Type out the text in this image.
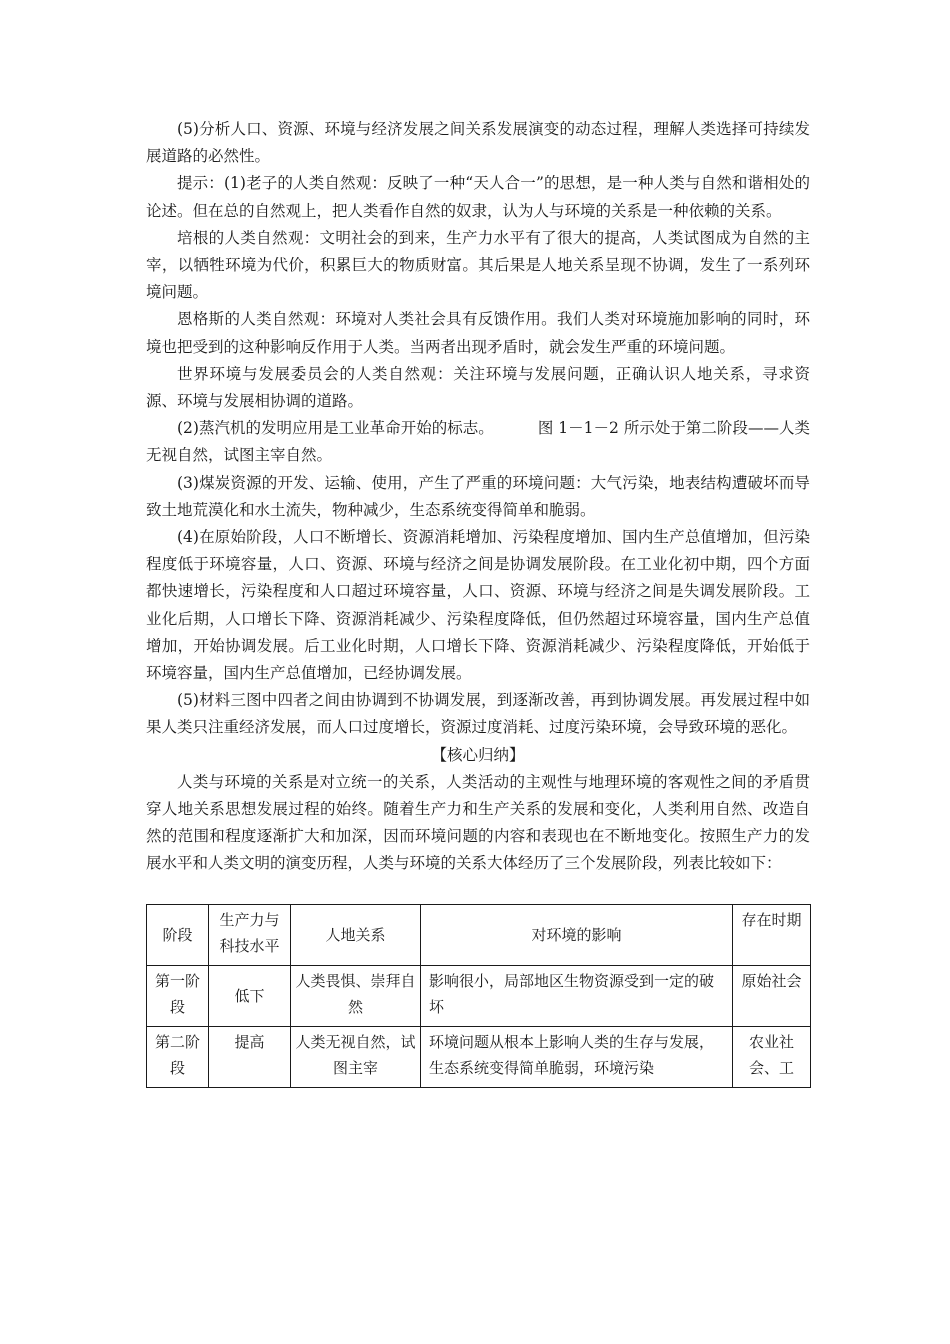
(5)分析人口、资源、环境与经济发展之间关系发展演变的动态过程，理解人类选择可持续发展道路的必然性。

提示：(1)老子的人类自然观：反映了一种“天人合一”的思想，是一种人类与自然和谐相处的论述。但在总的自然观上，把人类看作自然的奴隶，认为人与环境的关系是一种依赖的关系。

培根的人类自然观：文明社会的到来，生产力水平有了很大的提高，人类试图成为自然的主宰，以牺牲环境为代价，积累巨大的物质财富。其后果是人地关系呈现不协调，发生了一系列环境问题。

恩格斯的人类自然观：环境对人类社会具有反馈作用。我们人类对环境施加影响的同时，环境也把受到的这种影响反作用于人类。当两者出现矛盾时，就会发生严重的环境问题。

世界环境与发展委员会的人类自然观：关注环境与发展问题，正确认识人地关系，寻求资源、环境与发展相协调的道路。

(2)蒸汽机的发明应用是工业革命开始的标志。	图 1－1－2 所示处于第二阶段——人类无视自然，试图主宰自然。

(3)煤炭资源的开发、运输、使用，产生了严重的环境问题：大气污染，地表结构遭破坏而导致土地荒漠化和水土流失，物种减少，生态系统变得简单和脆弱。

(4)在原始阶段，人口不断增长、资源消耗增加、污染程度增加、国内生产总值增加，但污染程度低于环境容量，人口、资源、环境与经济之间是协调发展阶段。在工业化初中期，四个方面都快速增长，污染程度和人口超过环境容量，人口、资源、环境与经济之间是失调发展阶段。工业化后期，人口增长下降、资源消耗减少、污染程度降低，但仍然超过环境容量，国内生产总值增加，开始协调发展。后工业化时期，人口增长下降、资源消耗减少、污染程度降低，开始低于环境容量，国内生产总值增加，已经协调发展。

(5)材料三图中四者之间由协调到不协调发展，到逐渐改善，再到协调发展。再发展过程中如果人类只注重经济发展，而人口过度增长，资源过度消耗、过度污染环境，会导致环境的恶化。

【核心归纳】

人类与环境的关系是对立统一的关系，人类活动的主观性与地理环境的客观性之间的矛盾贯穿人地关系思想发展过程的始终。随着生产力和生产关系的发展和变化，人类利用自然、改造自然的范围和程度逐渐扩大和加深，因而环境问题的内容和表现也在不断地变化。按照生产力的发展水平和人类文明的演变历程，人类与环境的关系大体经历了三个发展阶段，列表比较如下：

阶段	生产力与科技水平	人地关系	对环境的影响	存在时期
第一阶段	低下	人类畏惧、崇拜自然	影响很小，局部地区生物资源受到一定的破坏	原始社会
第二阶段	提高	人类无视自然，试图主宰	环境问题从根本上影响人类的生存与发展，生态系统变得简单脆弱，环境污染	农业社会、工
